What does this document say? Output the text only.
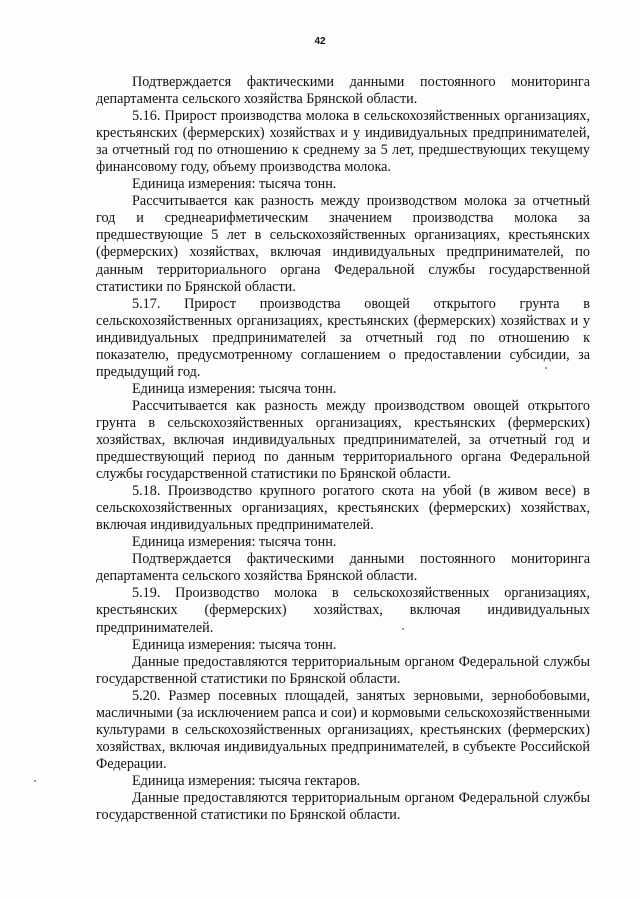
42

Подтверждается фактическими данными постоянного мониторинга департамента сельского хозяйства Брянской области.

5.16. Прирост производства молока в сельскохозяйственных организациях, крестьянских (фермерских) хозяйствах и у индивидуальных предпринимателей, за отчетный год по отношению к среднему за 5 лет, предшествующих текущему финансовому году, объему производства молока.

Единица измерения: тысяча тонн.

Рассчитывается как разность между производством молока за отчетный год и среднеарифметическим значением производства молока за предшествующие 5 лет в сельскохозяйственных организациях, крестьянских (фермерских) хозяйствах, включая индивидуальных предпринимателей, по данным территориального органа Федеральной службы государственной статистики по Брянской области.

5.17. Прирост производства овощей открытого грунта в сельскохозяйственных организациях, крестьянских (фермерских) хозяйствах и у индивидуальных предпринимателей за отчетный год по отношению к показателю, предусмотренному соглашением о предоставлении субсидии, за предыдущий год.

Единица измерения: тысяча тонн.

Рассчитывается как разность между производством овощей открытого грунта в сельскохозяйственных организациях, крестьянских (фермерских) хозяйствах, включая индивидуальных предпринимателей, за отчетный год и предшествующий период по данным территориального органа Федеральной службы государственной статистики по Брянской области.

5.18. Производство крупного рогатого скота на убой (в живом весе) в сельскохозяйственных организациях, крестьянских (фермерских) хозяйствах, включая индивидуальных предпринимателей.

Единица измерения: тысяча тонн.

Подтверждается фактическими данными постоянного мониторинга департамента сельского хозяйства Брянской области.

5.19. Производство молока в сельскохозяйственных организациях, крестьянских (фермерских) хозяйствах, включая индивидуальных предпринимателей.

Единица измерения: тысяча тонн.

Данные предоставляются территориальным органом Федеральной службы государственной статистики по Брянской области.

5.20. Размер посевных площадей, занятых зерновыми, зернобобовыми, масличными (за исключением рапса и сои) и кормовыми сельскохозяйственными культурами в сельскохозяйственных организациях, крестьянских (фермерских) хозяйствах, включая индивидуальных предпринимателей, в субъекте Российской Федерации.

Единица измерения: тысяча гектаров.

Данные предоставляются территориальным органом Федеральной службы государственной статистики по Брянской области.
